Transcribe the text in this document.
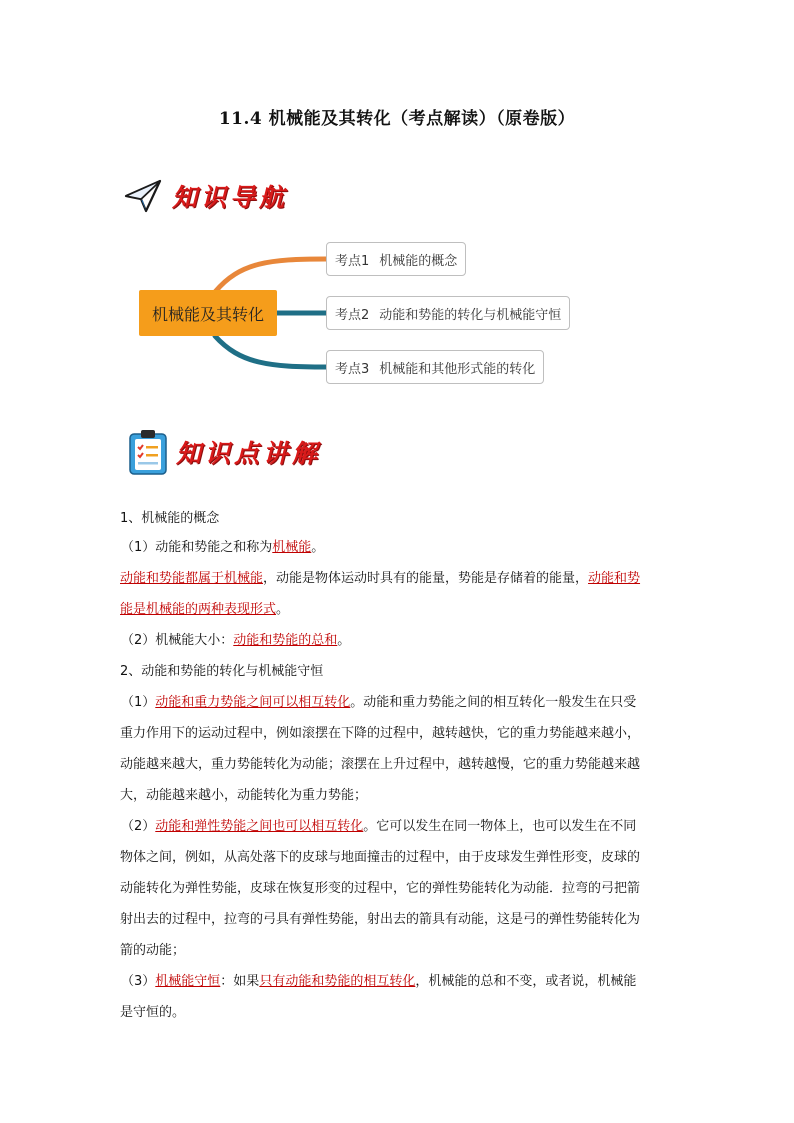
11.4 机械能及其转化（考点解读）（原卷版）
知识导航
机械能及其转化
考点1 机械能的概念
考点2 动能和势能的转化与机械能守恒
考点3 机械能和其他形式能的转化
知识点讲解
1、机械能的概念
（1）动能和势能之和称为机械能。
动能和势能都属于机械能，动能是物体运动时具有的能量，势能是存储着的能量，动能和势
能是机械能的两种表现形式。
（2）机械能大小：动能和势能的总和。
2、动能和势能的转化与机械能守恒
（1）动能和重力势能之间可以相互转化。动能和重力势能之间的相互转化一般发生在只受
重力作用下的运动过程中，例如滚摆在下降的过程中，越转越快，它的重力势能越来越小，
动能越来越大，重力势能转化为动能；滚摆在上升过程中，越转越慢，它的重力势能越来越
大，动能越来越小，动能转化为重力势能；
（2）动能和弹性势能之间也可以相互转化。它可以发生在同一物体上，也可以发生在不同
物体之间，例如，从高处落下的皮球与地面撞击的过程中，由于皮球发生弹性形变，皮球的
动能转化为弹性势能，皮球在恢复形变的过程中，它的弹性势能转化为动能．拉弯的弓把箭
射出去的过程中，拉弯的弓具有弹性势能，射出去的箭具有动能，这是弓的弹性势能转化为
箭的动能；
（3）机械能守恒：如果只有动能和势能的相互转化，机械能的总和不变，或者说，机械能
是守恒的。
